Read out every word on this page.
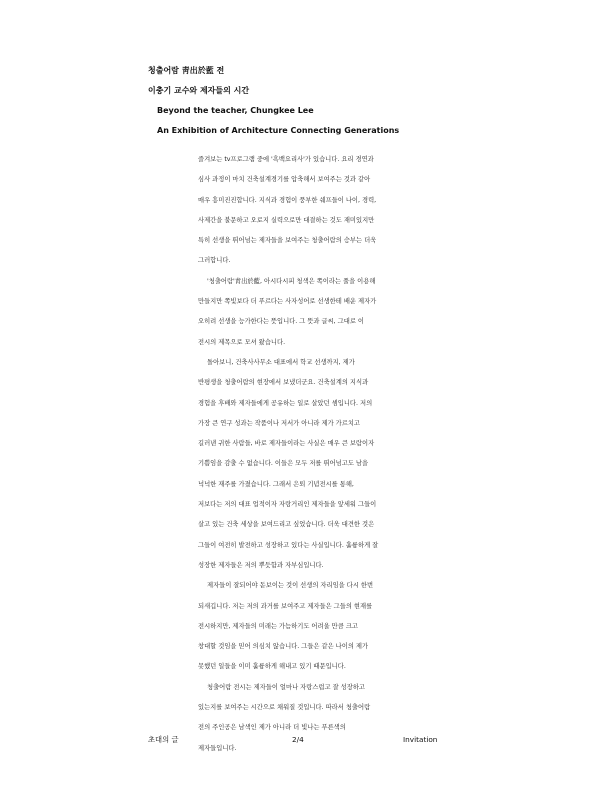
청출어람 靑出於藍 전
이충기 교수와 제자들의 시간
Beyond the teacher, Chungkee Lee
An Exhibition of Architecture Connecting Generations
즐겨보는 tv프로그램 중에 '흑백요리사'가 있습니다. 요리 경연과
심사 과정이 마치 건축설계경기를 압축해서 보여주는 것과 같아
매우 흥미진진합니다. 지식과 경험이 풍부한 쉐프들이 나이, 경력,
사제간을 불문하고 오로지 실력으로만 대결하는 것도 재미있지만
특히 선생을 뛰어넘는 제자들을 보여주는 청출어람의 승부는 더욱
그러합니다.
'청출어람'靑出於藍, 아시다시피 청색은 쪽이라는 풀을 이용해
만들지만 쪽빛보다 더 푸르다는 사자성어로 선생한테 배운 제자가
오히려 선생을 능가한다는 뜻입니다. 그 뜻과 글씨, 그대로 이
전시의 제목으로 모셔 왔습니다.
돌아보니, 건축사사무소 대표에서 학교 선생까지, 제가
반평생을 청출어람의 현장에서 보냈더군요. 건축설계의 지식과
경험을 후배와 제자들에게 공유하는 일로 살았던 셈입니다. 저의
가장 큰 연구 성과는 작품이나 저서가 아니라 제가 가르치고
길러낸 귀한 사람들, 바로 제자들이라는 사실은 매우 큰 보람이자
기쁨임을 감출 수 없습니다. 이들은 모두 저를 뛰어넘고도 남을
넉넉한 재주를 가졌습니다. 그래서 은퇴 기념전시를 통해,
저보다는 저의 대표 업적이자 자랑거리인 제자들을 앞세워 그들이
살고 있는 건축 세상을 보여드리고 싶었습니다. 더욱 대견한 것은
그들이 여전히 발전하고 성장하고 있다는 사실입니다. 훌륭하게 잘
성장한 제자들은 저의 뿌듯함과 자부심입니다.
제자들이 잘되어야 돋보이는 것이 선생의 자리임을 다시 한번
되새깁니다. 저는 저의 과거를 보여주고 제자들은 그들의 현재를
전시하지만, 제자들의 미래는 가늠하기도 어려울 만큼 크고
창대할 것임을 믿어 의심치 않습니다. 그들은 같은 나이의 제가
못했던 일들을 이미 훌륭하게 해내고 있기 때문입니다.
청출어람 전시는 제자들이 얼마나 자랑스럽고 잘 성장하고
있는지를 보여주는 시간으로 채워질 것입니다. 따라서 청출어람
전의 주인공은 남색인 제가 아니라 더 빛나는 푸른색의
제자들입니다.
초대의 글	2/4	Invitation
